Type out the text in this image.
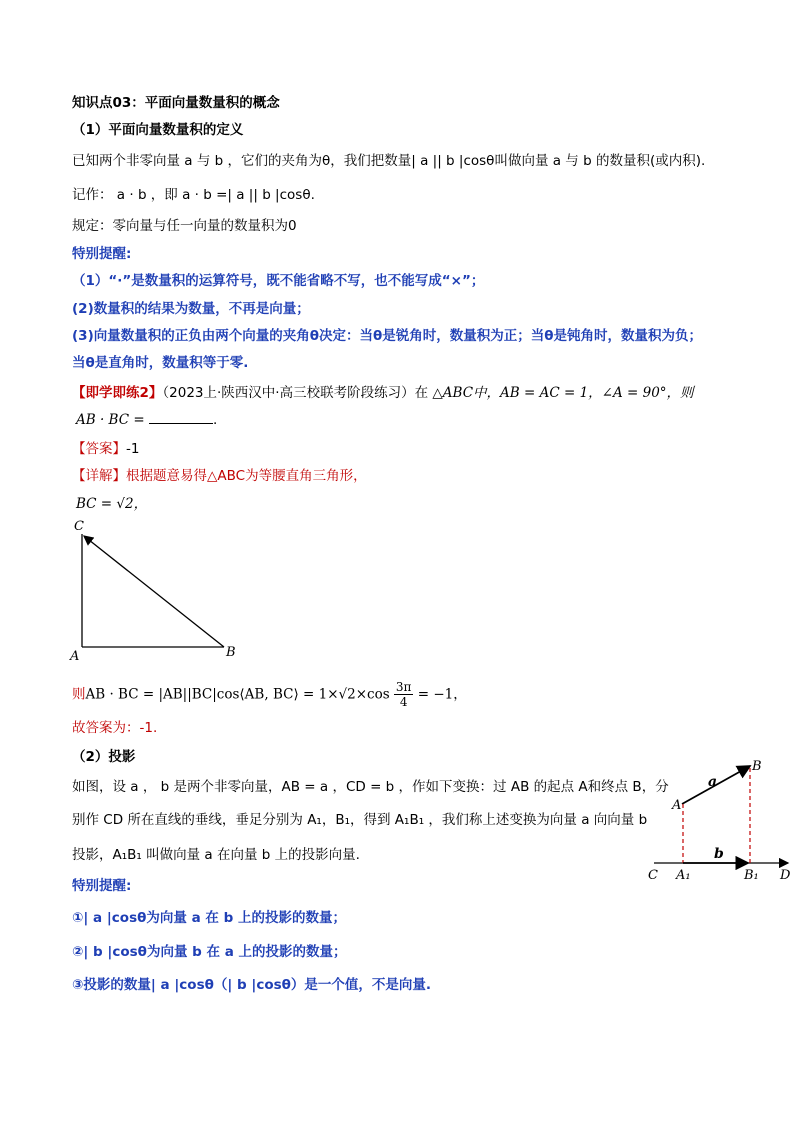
知识点03：平面向量数量积的概念
（1）平面向量数量积的定义
已知两个非零向量 a 与 b ，它们的夹角为θ，我们把数量| a || b |cosθ叫做向量 a 与 b 的数量积(或内积).
记作： a · b ，即 a · b =| a || b |cosθ.
规定：零向量与任一向量的数量积为0
特别提醒:
（1）“·”是数量积的运算符号，既不能省略不写，也不能写成“×”；
(2)数量积的结果为数量，不再是向量；
(3)向量数量积的正负由两个向量的夹角θ决定：当θ是锐角时，数量积为正；当θ是钝角时，数量积为负；
当θ是直角时，数量积等于零.
【即学即练2】（2023上·陕西汉中·高三校联考阶段练习）在 △ABC中，AB = AC = 1，∠A = 90°，则
AB · BC =	.
【答案】-1
【详解】根据题意易得△ABC为等腰直角三角形，
BC = √2，
C
A	B
则AB · BC = |AB||BC|cos⟨AB, BC⟩ = $1\times√2\times\cos \frac{3\pi}{4} = -1$，
故答案为：-1.
（2）投影
如图，设 a ， b 是两个非零向量，AB = a ，CD = b ，作如下变换：过 AB 的起点 A和终点 B，分
别作 CD 所在直线的垂线，垂足分别为 A₁，B₁，得到 A₁B₁ ，我们称上述变换为向量 a 向向量 b
投影，A₁B₁ 叫做向量 a 在向量 b 上的投影向量.
B
a
A
b
C A₁	B₁ D
特别提醒:
①| a |cosθ为向量 a 在 b 上的投影的数量；
②| b |cosθ为向量 b 在 a 上的投影的数量；
③投影的数量| a |cosθ（| b |cosθ）是一个值，不是向量.
